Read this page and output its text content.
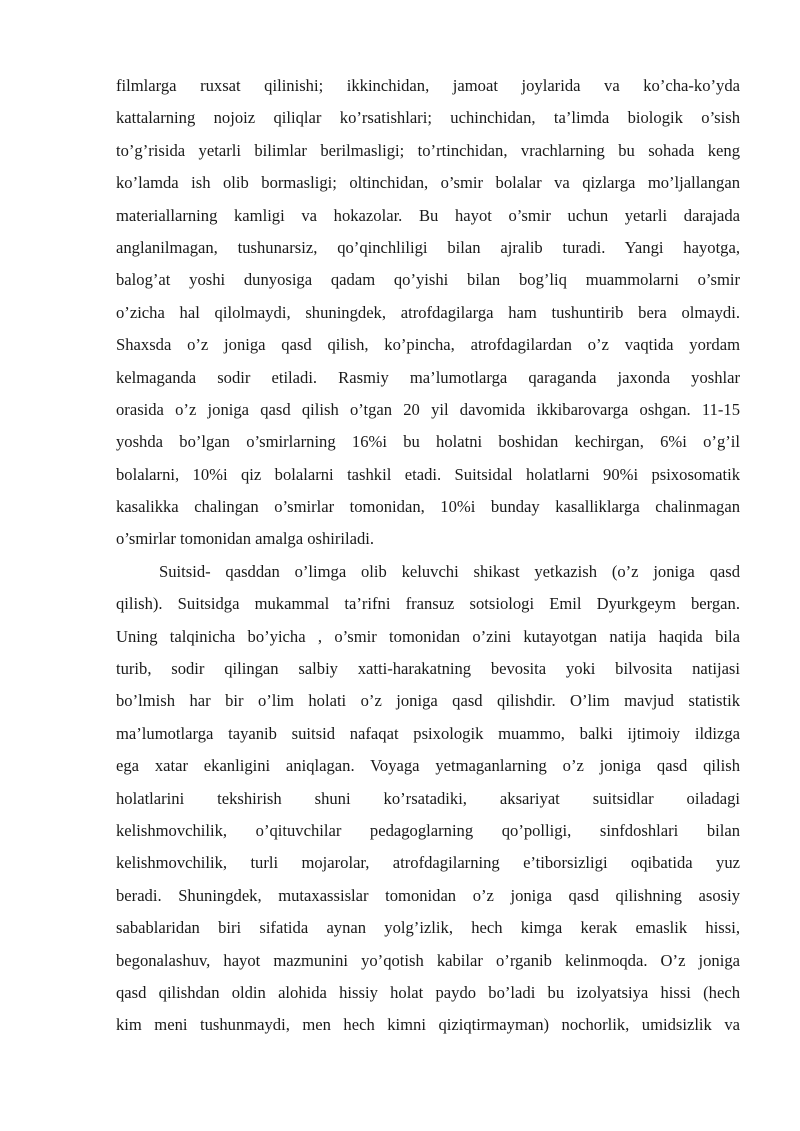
filmlarga ruxsat qilinishi; ikkinchidan, jamoat joylarida va ko’cha-ko’yda
kattalarning nojoiz qiliqlar ko’rsatishlari; uchinchidan, ta’limda biologik o’sish
to’g’risida yetarli bilimlar berilmasligi; to’rtinchidan, vrachlarning bu sohada keng
ko’lamda ish olib bormasligi; oltinchidan, o’smir bolalar va qizlarga mo’ljallangan
materiallarning kamligi va hokazolar. Bu hayot o’smir uchun yetarli darajada
anglanilmagan, tushunarsiz, qo’qinchliligi bilan ajralib turadi. Yangi hayotga,
balog’at yoshi dunyosiga qadam qo’yishi bilan bog’liq muammolarni o’smir
o’zicha hal qilolmaydi, shuningdek, atrofdagilarga ham tushuntirib bera olmaydi.
Shaxsda o’z joniga qasd qilish, ko’pincha, atrofdagilardan o’z vaqtida yordam
kelmaganda sodir etiladi. Rasmiy ma’lumotlarga qaraganda jaxonda yoshlar
orasida o’z joniga qasd qilish o’tgan 20 yil davomida ikkibarovarga oshgan. 11-15
yoshda bo’lgan o’smirlarning 16%i bu holatni boshidan kechirgan, 6%i o’g’il
bolalarni, 10%i qiz bolalarni tashkil etadi. Suitsidal holatlarni 90%i psixosomatik
kasalikka chalingan o’smirlar tomonidan, 10%i bunday kasalliklarga chalinmagan
o’smirlar tomonidan amalga oshiriladi.
Suitsid- qasddan o’limga olib keluvchi shikast yetkazish (o’z joniga qasd
qilish). Suitsidga mukammal ta’rifni fransuz sotsiologi Emil Dyurkgeym bergan.
Uning talqinicha bo’yicha , o’smir tomonidan o’zini kutayotgan natija haqida bila
turib, sodir qilingan salbiy xatti-harakatning bevosita yoki bilvosita natijasi
bo’lmish har bir o’lim holati o’z joniga qasd qilishdir. O’lim mavjud statistik
ma’lumotlarga tayanib suitsid nafaqat psixologik muammo, balki ijtimoiy ildizga
ega xatar ekanligini aniqlagan. Voyaga yetmaganlarning o’z joniga qasd qilish
holatlarini tekshirish shuni ko’rsatadiki, aksariyat suitsidlar oiladagi
kelishmovchilik, o’qituvchilar pedagoglarning qo’polligi, sinfdoshlari bilan
kelishmovchilik, turli mojarolar, atrofdagilarning e’tiborsizligi oqibatida yuz
beradi. Shuningdek, mutaxassislar tomonidan o’z joniga qasd qilishning asosiy
sabablaridan biri sifatida aynan yolg’izlik, hech kimga kerak emaslik hissi,
begonalashuv, hayot mazmunini yo’qotish kabilar o’rganib kelinmoqda. O’z joniga
qasd qilishdan oldin alohida hissiy holat paydo bo’ladi bu izolyatsiya hissi (hech
kim meni tushunmaydi, men hech kimni qiziqtirmayman) nochorlik, umidsizlik va
